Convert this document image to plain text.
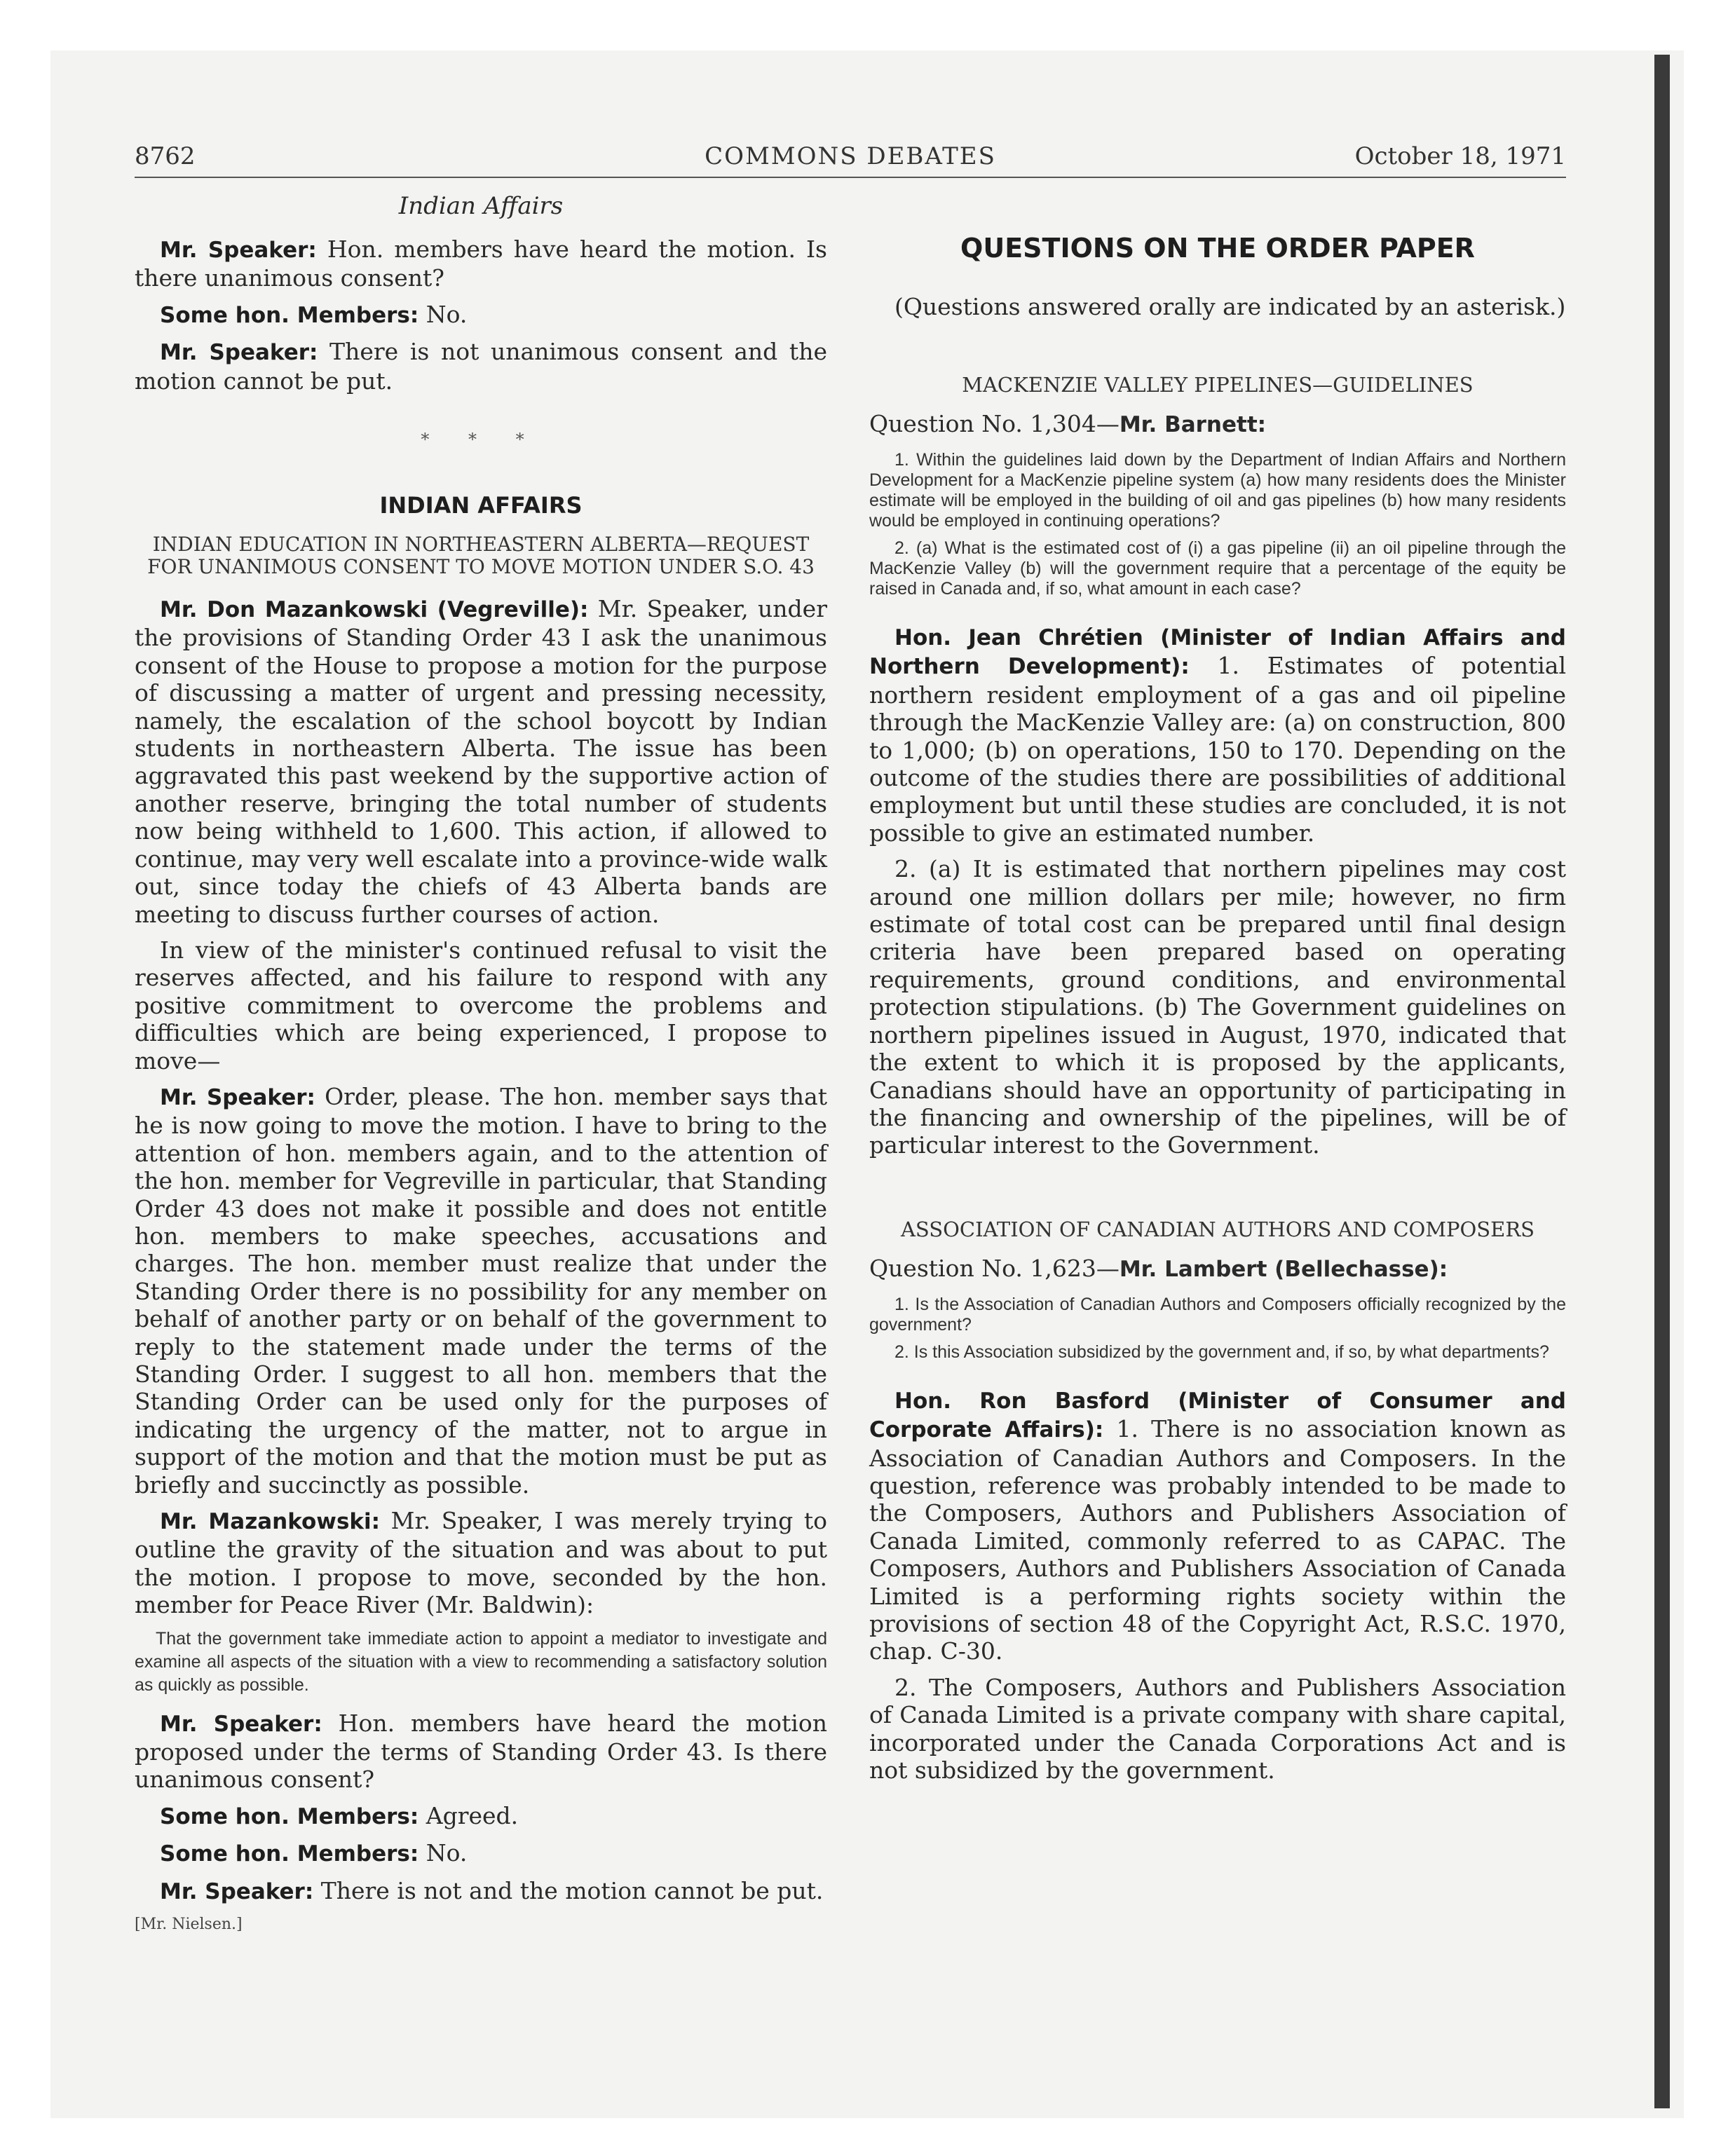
8762	COMMONS DEBATES	October 18, 1971
Indian Affairs

Mr. Speaker: Hon. members have heard the motion. Is there unanimous consent?

Some hon. Members: No.

Mr. Speaker: There is not unanimous consent and the motion cannot be put.

* * *
INDIAN AFFAIRS
INDIAN EDUCATION IN NORTHEASTERN ALBERTA—REQUEST FOR UNANIMOUS CONSENT TO MOVE MOTION UNDER S.O. 43

Mr. Don Mazankowski (Vegreville): Mr. Speaker, under the provisions of Standing Order 43 I ask the unanimous consent of the House to propose a motion for the purpose of discussing a matter of urgent and pressing necessity, namely, the escalation of the school boycott by Indian students in northeastern Alberta. The issue has been aggravated this past weekend by the supportive action of another reserve, bringing the total number of students now being withheld to 1,600. This action, if allowed to continue, may very well escalate into a province-wide walk out, since today the chiefs of 43 Alberta bands are meeting to discuss further courses of action.

In view of the minister's continued refusal to visit the reserves affected, and his failure to respond with any positive commitment to overcome the problems and difficulties which are being experienced, I propose to move—

Mr. Speaker: Order, please. The hon. member says that he is now going to move the motion. I have to bring to the attention of hon. members again, and to the attention of the hon. member for Vegreville in particular, that Standing Order 43 does not make it possible and does not entitle hon. members to make speeches, accusations and charges. The hon. member must realize that under the Standing Order there is no possibility for any member on behalf of another party or on behalf of the government to reply to the statement made under the terms of the Standing Order. I suggest to all hon. members that the Standing Order can be used only for the purposes of indicating the urgency of the matter, not to argue in support of the motion and that the motion must be put as briefly and succinctly as possible.

Mr. Mazankowski: Mr. Speaker, I was merely trying to outline the gravity of the situation and was about to put the motion. I propose to move, seconded by the hon. member for Peace River (Mr. Baldwin):

That the government take immediate action to appoint a mediator to investigate and examine all aspects of the situation with a view to recommending a satisfactory solution as quickly as possible.

Mr. Speaker: Hon. members have heard the motion proposed under the terms of Standing Order 43. Is there unanimous consent?

Some hon. Members: Agreed.

Some hon. Members: No.

Mr. Speaker: There is not and the motion cannot be put.

[Mr. Nielsen.]
QUESTIONS ON THE ORDER PAPER

(Questions answered orally are indicated by an asterisk.)

MACKENZIE VALLEY PIPELINES—GUIDELINES

Question No. 1,304—Mr. Barnett:

1. Within the guidelines laid down by the Department of Indian Affairs and Northern Development for a MacKenzie pipeline system (a) how many residents does the Minister estimate will be employed in the building of oil and gas pipelines (b) how many residents would be employed in continuing operations?

2. (a) What is the estimated cost of (i) a gas pipeline (ii) an oil pipeline through the MacKenzie Valley (b) will the government require that a percentage of the equity be raised in Canada and, if so, what amount in each case?

Hon. Jean Chrétien (Minister of Indian Affairs and Northern Development): 1. Estimates of potential northern resident employment of a gas and oil pipeline through the MacKenzie Valley are: (a) on construction, 800 to 1,000; (b) on operations, 150 to 170. Depending on the outcome of the studies there are possibilities of additional employment but until these studies are concluded, it is not possible to give an estimated number.

2. (a) It is estimated that northern pipelines may cost around one million dollars per mile; however, no firm estimate of total cost can be prepared until final design criteria have been prepared based on operating requirements, ground conditions, and environmental protection stipulations. (b) The Government guidelines on northern pipelines issued in August, 1970, indicated that the extent to which it is proposed by the applicants, Canadians should have an opportunity of participating in the financing and ownership of the pipelines, will be of particular interest to the Government.

ASSOCIATION OF CANADIAN AUTHORS AND COMPOSERS

Question No. 1,623—Mr. Lambert (Bellechasse):

1. Is the Association of Canadian Authors and Composers officially recognized by the government?

2. Is this Association subsidized by the government and, if so, by what departments?

Hon. Ron Basford (Minister of Consumer and Corporate Affairs): 1. There is no association known as Association of Canadian Authors and Composers. In the question, reference was probably intended to be made to the Composers, Authors and Publishers Association of Canada Limited, commonly referred to as CAPAC. The Composers, Authors and Publishers Association of Canada Limited is a performing rights society within the provisions of section 48 of the Copyright Act, R.S.C. 1970, chap. C-30.

2. The Composers, Authors and Publishers Association of Canada Limited is a private company with share capital, incorporated under the Canada Corporations Act and is not subsidized by the government.
